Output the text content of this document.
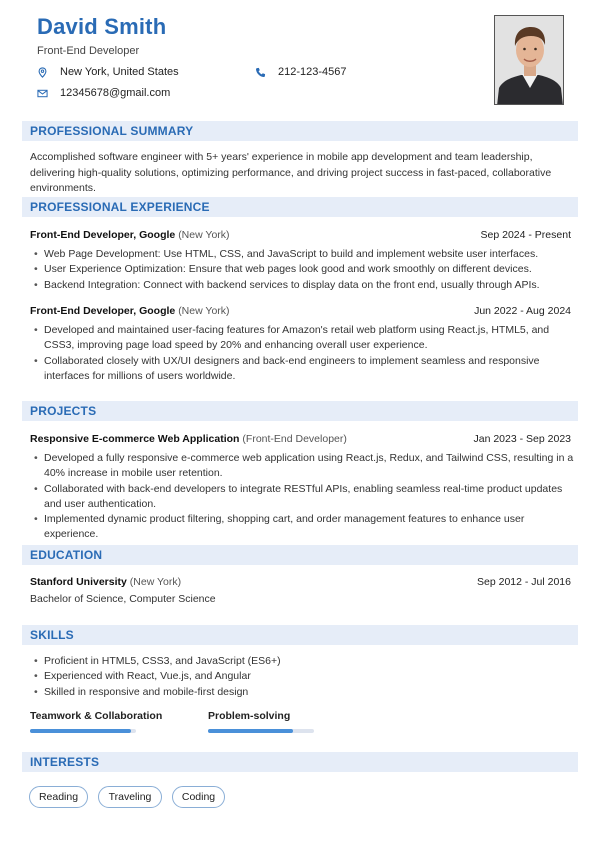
David Smith
Front-End Developer
New York, United States	212-123-4567
12345678@gmail.com
PROFESSIONAL SUMMARY
Accomplished software engineer with 5+ years' experience in mobile app development and team leadership, delivering high-quality solutions, optimizing performance, and driving project success in fast-paced, collaborative environments.
PROFESSIONAL EXPERIENCE
Front-End Developer, Google (New York)	Sep 2024 - Present
• Web Page Development: Use HTML, CSS, and JavaScript to build and implement website user interfaces.
• User Experience Optimization: Ensure that web pages look good and work smoothly on different devices.
• Backend Integration: Connect with backend services to display data on the front end, usually through APIs.
Front-End Developer, Google (New York)	Jun 2022 - Aug 2024
• Developed and maintained user-facing features for Amazon's retail web platform using React.js, HTML5, and CSS3, improving page load speed by 20% and enhancing overall user experience.
• Collaborated closely with UX/UI designers and back-end engineers to implement seamless and responsive interfaces for millions of users worldwide.
PROJECTS
Responsive E-commerce Web Application (Front-End Developer)	Jan 2023 - Sep 2023
• Developed a fully responsive e-commerce web application using React.js, Redux, and Tailwind CSS, resulting in a 40% increase in mobile user retention.
• Collaborated with back-end developers to integrate RESTful APIs, enabling seamless real-time product updates and user authentication.
• Implemented dynamic product filtering, shopping cart, and order management features to enhance user experience.
EDUCATION
Stanford University (New York)	Sep 2012 - Jul 2016
Bachelor of Science, Computer Science
SKILLS
• Proficient in HTML5, CSS3, and JavaScript (ES6+)
• Experienced with React, Vue.js, and Angular
• Skilled in responsive and mobile-first design
Teamwork & Collaboration	Problem-solving
INTERESTS
Reading	Traveling	Coding
